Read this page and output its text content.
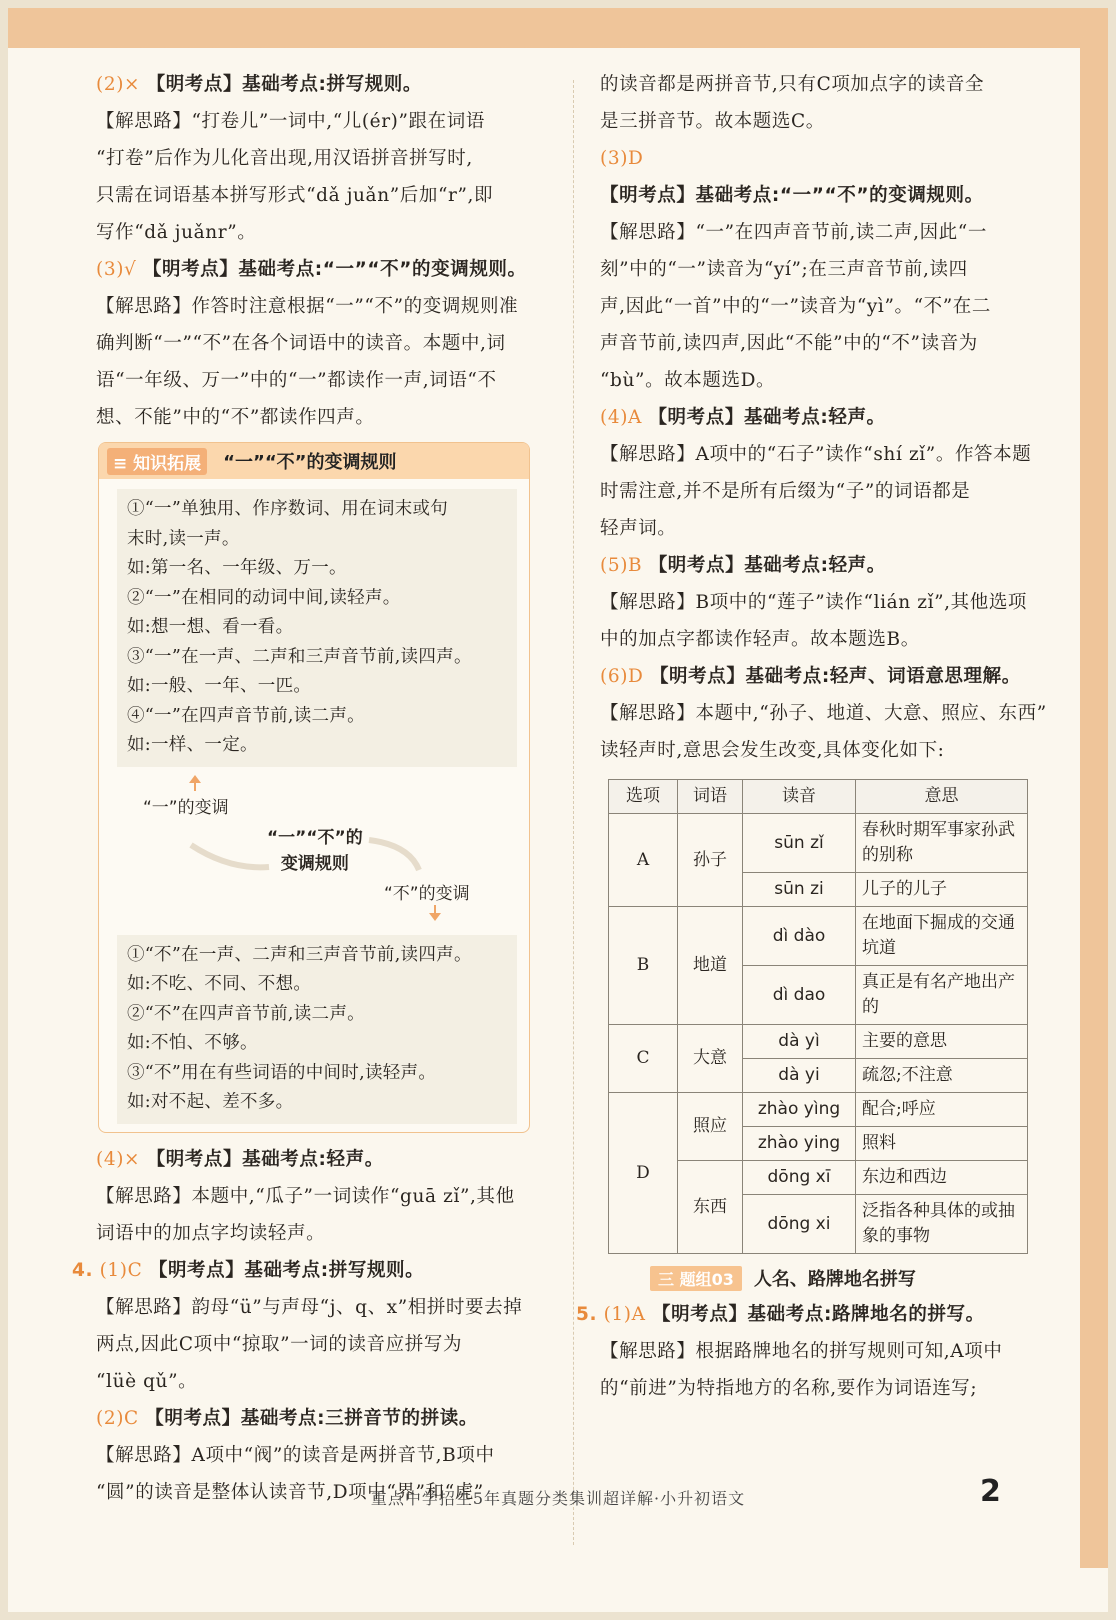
(2)× 【明考点】基础考点:拼写规则。

【解思路】“打卷儿”一词中,“儿(ér)”跟在词语

“打卷”后作为儿化音出现,用汉语拼音拼写时,

只需在词语基本拼写形式“dǎ juǎn”后加“r”,即

写作“dǎ juǎnr”。

(3)√ 【明考点】基础考点:“一”“不”的变调规则。

【解思路】作答时注意根据“一”“不”的变调规则准

确判断“一”“不”在各个词语中的读音。本题中,词

语“一年级、万一”中的“一”都读作一声,词语“不

想、不能”中的“不”都读作四声。

≡ 知识拓展	“一”“不”的变调规则

①“一”单独用、作序数词、用在词末或句

末时,读一声。

如:第一名、一年级、万一。

②“一”在相同的动词中间,读轻声。

如:想一想、看一看。

③“一”在一声、二声和三声音节前,读四声。

如:一般、一年、一匹。

④“一”在四声音节前,读二声。

如:一样、一定。

“一”的变调
“一”“不”的
变调规则
“不”的变调

①“不”在一声、二声和三声音节前,读四声。

如:不吃、不同、不想。

②“不”在四声音节前,读二声。

如:不怕、不够。

③“不”用在有些词语的中间时,读轻声。

如:对不起、差不多。

(4)× 【明考点】基础考点:轻声。

【解思路】本题中,“瓜子”一词读作“guā zǐ”,其他

词语中的加点字均读轻声。

4. (1)C 【明考点】基础考点:拼写规则。

【解思路】韵母“ü”与声母“j、q、x”相拼时要去掉

两点,因此C项中“掠取”一词的读音应拼写为

“lüè qǔ”。

(2)C 【明考点】基础考点:三拼音节的拼读。

【解思路】A项中“阀”的读音是两拼音节,B项中

“圆”的读音是整体认读音节,D项中“界”和“虎”

的读音都是两拼音节,只有C项加点字的读音全

是三拼音节。故本题选C。

(3)D

【明考点】基础考点:“一”“不”的变调规则。

【解思路】“一”在四声音节前,读二声,因此“一

刻”中的“一”读音为“yí”;在三声音节前,读四

声,因此“一首”中的“一”读音为“yì”。“不”在二

声音节前,读四声,因此“不能”中的“不”读音为

“bù”。故本题选D。

(4)A 【明考点】基础考点:轻声。

【解思路】A项中的“石子”读作“shí zǐ”。作答本题

时需注意,并不是所有后缀为“子”的词语都是

轻声词。

(5)B 【明考点】基础考点:轻声。

【解思路】B项中的“莲子”读作“lián zǐ”,其他选项

中的加点字都读作轻声。故本题选B。

(6)D 【明考点】基础考点:轻声、词语意思理解。

【解思路】本题中,“孙子、地道、大意、照应、东西”

读轻声时,意思会发生改变,具体变化如下:

选项	词语	读音	意思
A	孙子	sūn zǐ	春秋时期军事家孙武的别称
		sūn zi	儿子的儿子
B	地道	dì dào	在地面下掘成的交通坑道
		dì dao	真正是有名产地出产的
C	大意	dà yì	主要的意思
		dà yi	疏忽;不注意
D	照应	zhào yìng	配合;呼应
		zhào ying	照料
	东西	dōng xī	东边和西边
		dōng xi	泛指各种具体的或抽象的事物
三 题组03	人名、路牌地名拼写

5. (1)A 【明考点】基础考点:路牌地名的拼写。

【解思路】根据路牌地名的拼写规则可知,A项中

的“前进”为特指地方的名称,要作为词语连写;

重点中学招生5年真题分类集训超详解·小升初语文	2
